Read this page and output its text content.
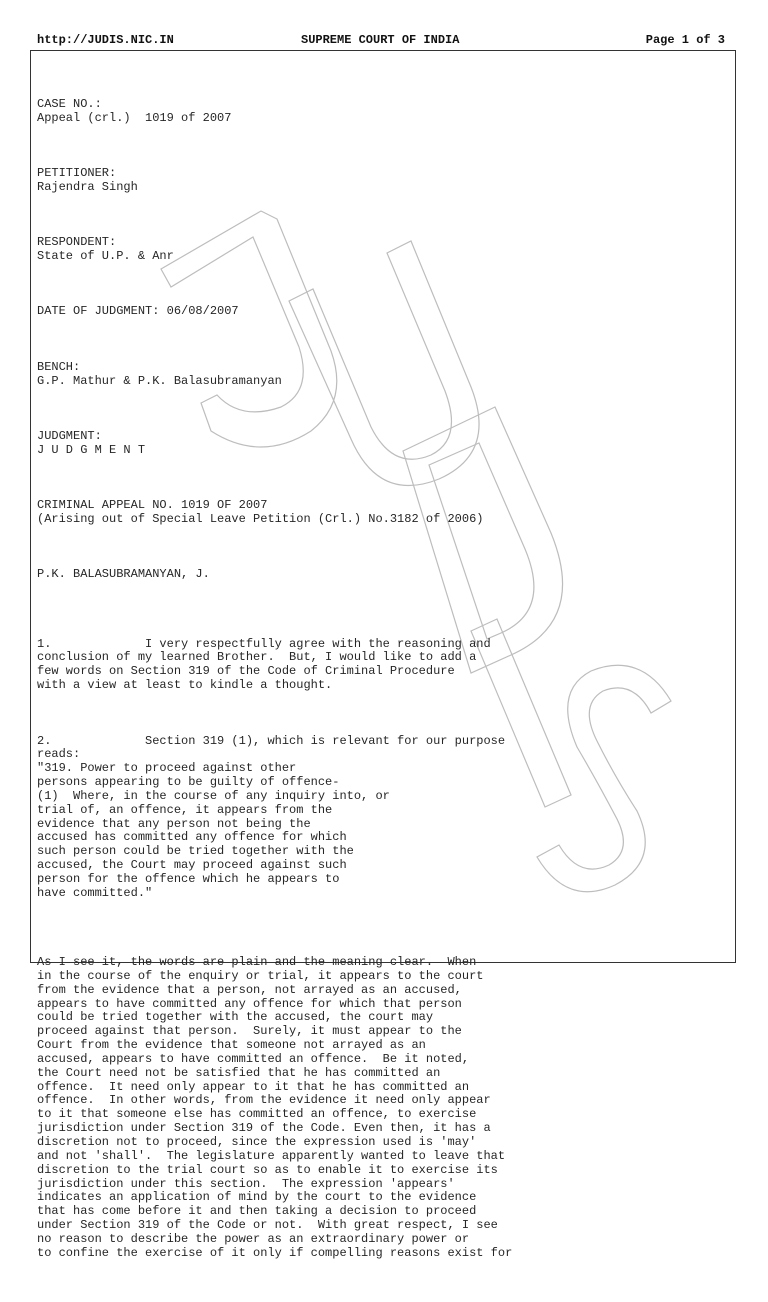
http://JUDIS.NIC.IN	SUPREME COURT OF INDIA	Page 1 of 3

CASE NO.:
Appeal (crl.)  1019 of 2007

PETITIONER:
Rajendra Singh

RESPONDENT:
State of U.P. & Anr

DATE OF JUDGMENT: 06/08/2007

BENCH:
G.P. Mathur & P.K. Balasubramanyan

JUDGMENT:
J U D G M E N T

CRIMINAL APPEAL NO. 1019 OF 2007
(Arising out of Special Leave Petition (Crl.) No.3182 of 2006)

P.K. BALASUBRAMANYAN, J.

1.             I very respectfully agree with the reasoning and
conclusion of my learned Brother.  But, I would like to add a
few words on Section 319 of the Code of Criminal Procedure
with a view at least to kindle a thought.

2.             Section 319 (1), which is relevant for our purpose
reads:
"319. Power to proceed against other
persons appearing to be guilty of offence-
(1)  Where, in the course of any inquiry into, or
trial of, an offence, it appears from the
evidence that any person not being the
accused has committed any offence for which
such person could be tried together with the
accused, the Court may proceed against such
person for the offence which he appears to
have committed."

As I see it, the words are plain and the meaning clear.  When
in the course of the enquiry or trial, it appears to the court
from the evidence that a person, not arrayed as an accused,
appears to have committed any offence for which that person
could be tried together with the accused, the court may
proceed against that person.  Surely, it must appear to the
Court from the evidence that someone not arrayed as an
accused, appears to have committed an offence.  Be it noted,
the Court need not be satisfied that he has committed an
offence.  It need only appear to it that he has committed an
offence.  In other words, from the evidence it need only appear
to it that someone else has committed an offence, to exercise
jurisdiction under Section 319 of the Code. Even then, it has a
discretion not to proceed, since the expression used is 'may'
and not 'shall'.  The legislature apparently wanted to leave that
discretion to the trial court so as to enable it to exercise its
jurisdiction under this section.  The expression 'appears'
indicates an application of mind by the court to the evidence
that has come before it and then taking a decision to proceed
under Section 319 of the Code or not.  With great respect, I see
no reason to describe the power as an extraordinary power or
to confine the exercise of it only if compelling reasons exist for
